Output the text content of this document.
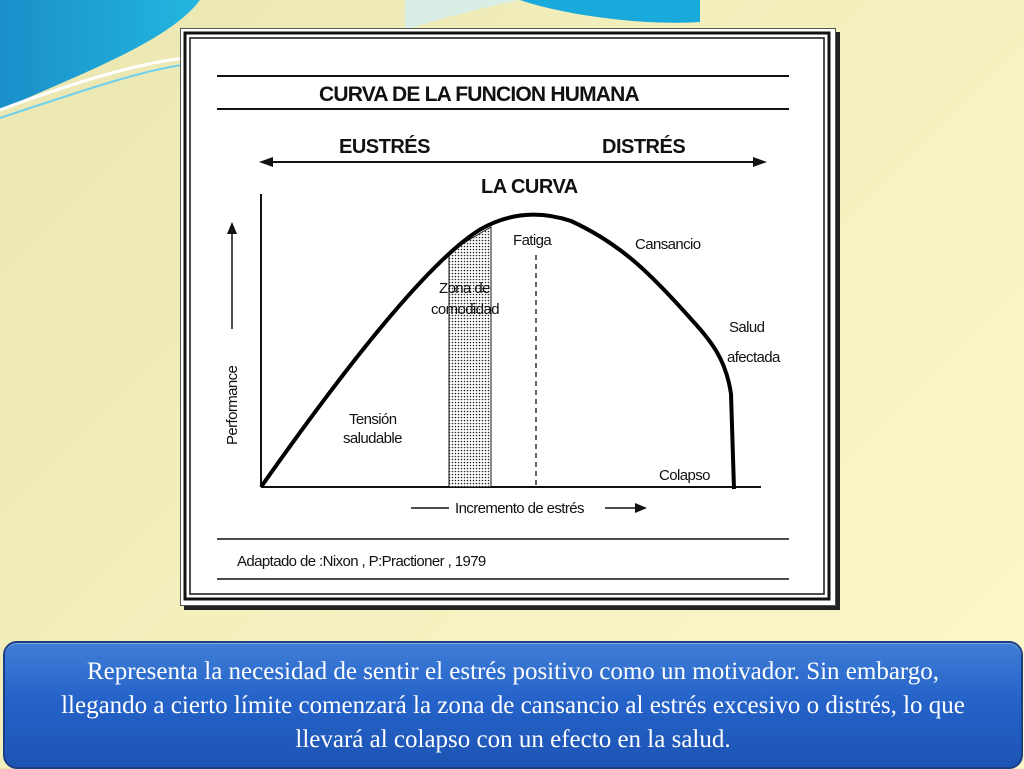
CURVA DE LA FUNCION HUMANA
EUSTRÉS	DISTRÉS
LA CURVA
Performance	Tensión
saludable
Zona de
comodidad
Fatiga	Cansancio
Salud
afectada
Colapso
Incremento de estrés
Adaptado de :Nixon , P:Practioner , 1979
Representa la necesidad de sentir el estrés positivo como un motivador. Sin embargo, llegando a cierto límite comenzará la zona de cansancio al estrés excesivo o distrés, lo que llevará al colapso con un efecto en la salud.
